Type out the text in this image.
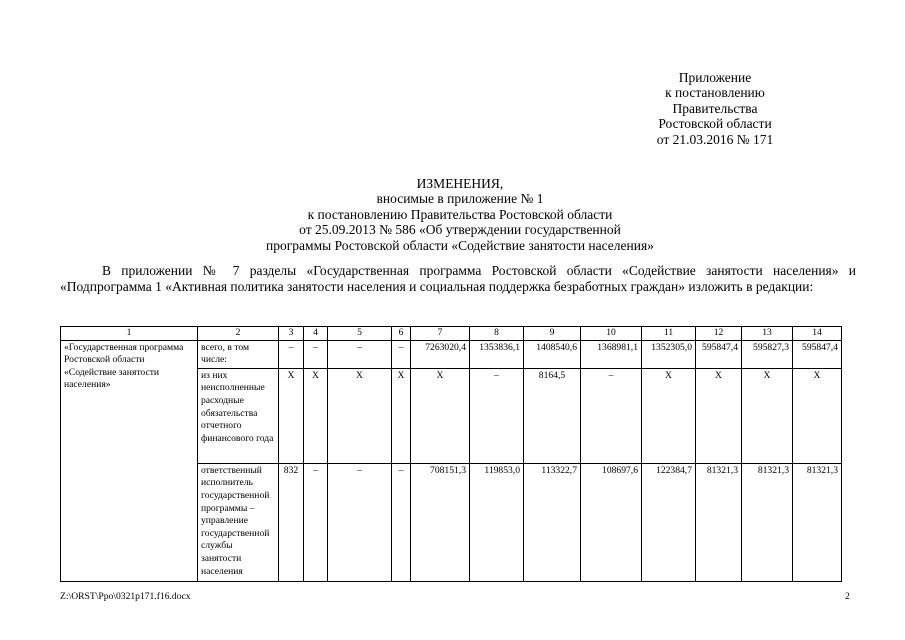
Приложение
к постановлению
Правительства
Ростовской области
от 21.03.2016 № 171
ИЗМЕНЕНИЯ,
вносимые в приложение № 1
к постановлению Правительства Ростовской области
от 25.09.2013 № 586 «Об утверждении государственной
программы Ростовской области «Содействие занятости населения»

В приложении № 7 разделы «Государственная программа Ростовской области «Содействие занятости населения» и «Подпрограмма 1 «Активная политика занятости населения и социальная поддержка безработных граждан» изложить в редакции:

1	2	3	4	5	6	7	8	9	10	11	12	13	14
«Государственная программа Ростовской области «Содействие занятости населения»	всего, в том числе:	–	–	–	–	7263020,4	1353836,1	1408540,6	1368981,1	1352305,0	595847,4	595827,3	595847,4
	из них неисполненные расходные обязательства отчетного финансового года	X	X	X	X	X	–	8164,5	–	X	X	X	X
	ответственный исполнитель государственной программы – управление государственной службы занятости населения	832	–	–	–	708151,3	119853,0	113322,7	108697,6	122384,7	81321,3	81321,3	81321,3
Z:\ORST\Ppo\0321p171.f16.docx	2
